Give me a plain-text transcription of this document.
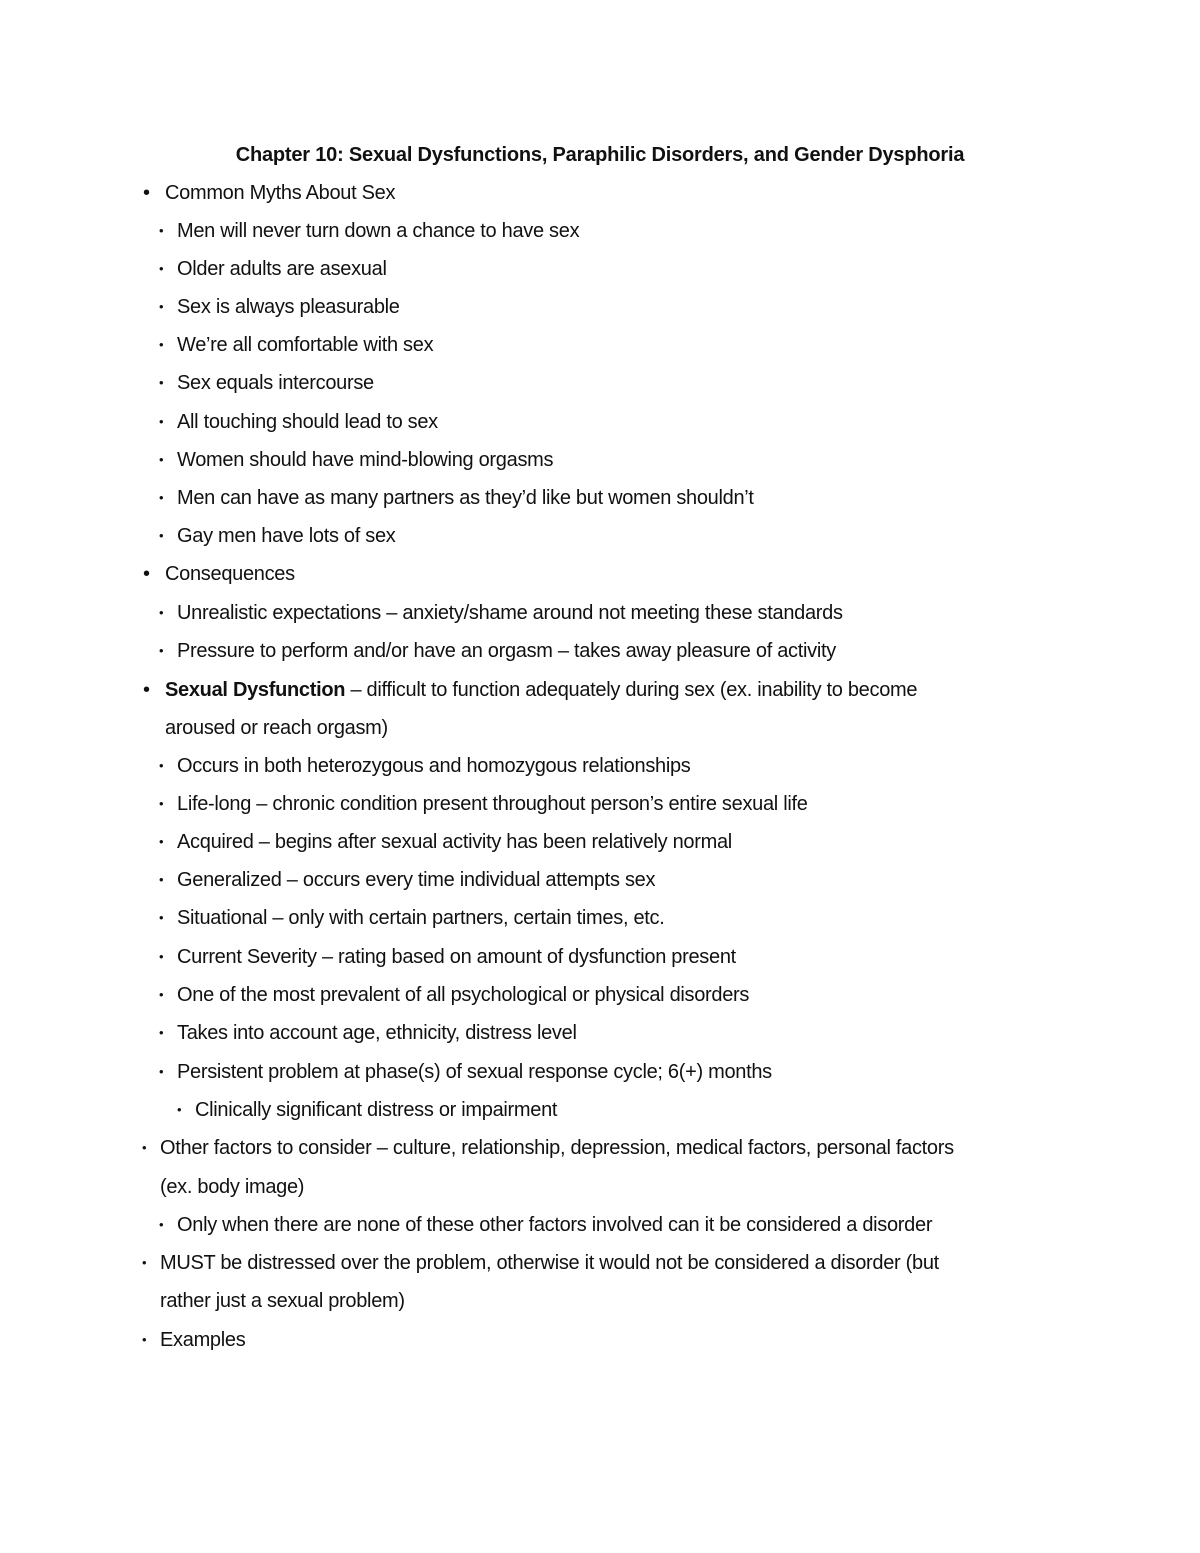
Chapter 10: Sexual Dysfunctions, Paraphilic Disorders, and Gender Dysphoria
• Common Myths About Sex
• Men will never turn down a chance to have sex
• Older adults are asexual
• Sex is always pleasurable
• We’re all comfortable with sex
• Sex equals intercourse
• All touching should lead to sex
• Women should have mind-blowing orgasms
• Men can have as many partners as they’d like but women shouldn’t
• Gay men have lots of sex
• Consequences
• Unrealistic expectations – anxiety/shame around not meeting these standards
• Pressure to perform and/or have an orgasm – takes away pleasure of activity
• Sexual Dysfunction – difficult to function adequately during sex (ex. inability to become
aroused or reach orgasm)
• Occurs in both heterozygous and homozygous relationships
• Life-long – chronic condition present throughout person’s entire sexual life
• Acquired – begins after sexual activity has been relatively normal
• Generalized – occurs every time individual attempts sex
• Situational – only with certain partners, certain times, etc.
• Current Severity – rating based on amount of dysfunction present
• One of the most prevalent of all psychological or physical disorders
• Takes into account age, ethnicity, distress level
• Persistent problem at phase(s) of sexual response cycle; 6(+) months
• Clinically significant distress or impairment
• Other factors to consider – culture, relationship, depression, medical factors, personal factors
(ex. body image)
• Only when there are none of these other factors involved can it be considered a disorder
• MUST be distressed over the problem, otherwise it would not be considered a disorder (but
rather just a sexual problem)
• Examples
